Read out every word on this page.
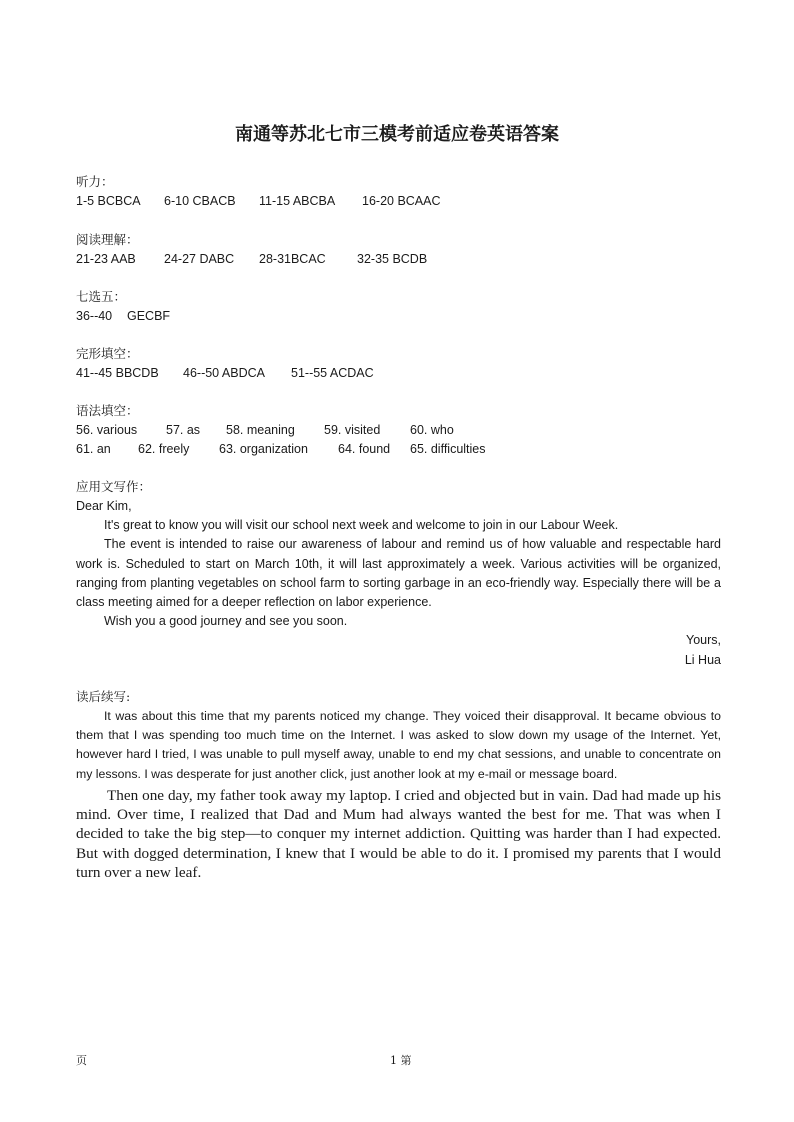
南通等苏北七市三模考前适应卷英语答案
听力：
1-5 BCBCA	6-10 CBACB	11-15 ABCBA	16-20 BCAAC
阅读理解：
21-23 AAB	24-27 DABC	28-31BCAC	32-35 BCDB
七选五：
36--40	GECBF
完形填空：
41--45 BBCDB	46--50 ABDCA	51--55 ACDAC
语法填空：
56. various	57. as	58. meaning	59. visited	60. who
61. an	62. freely	63. organization	64. found	65. difficulties
应用文写作：

Dear Kim,

It's great to know you will visit our school next week and welcome to join in our Labour Week.

The event is intended to raise our awareness of labour and remind us of how valuable and respectable hard work is. Scheduled to start on March 10th, it will last approximately a week. Various activities will be organized, ranging from planting vegetables on school farm to sorting garbage in an eco-friendly way. Especially there will be a class meeting aimed for a deeper reflection on labor experience.

Wish you a good journey and see you soon.

Yours,
Li Hua
读后续写:

It was about this time that my parents noticed my change. They voiced their disapproval. It became obvious to them that I was spending too much time on the Internet. I was asked to slow down my usage of the Internet. Yet, however hard I tried, I was unable to pull myself away, unable to end my chat sessions, and unable to concentrate on my lessons. I was desperate for just another click, just another look at my e-mail or message board.

Then one day, my father took away my laptop. I cried and objected but in vain. Dad had made up his mind. Over time, I realized that Dad and Mum had always wanted the best for me. That was when I decided to take the big step—to conquer my internet addiction. Quitting was harder than I had expected. But with dogged determination, I knew that I would be able to do it. I promised my parents that I would turn over a new leaf.

页	1 第
